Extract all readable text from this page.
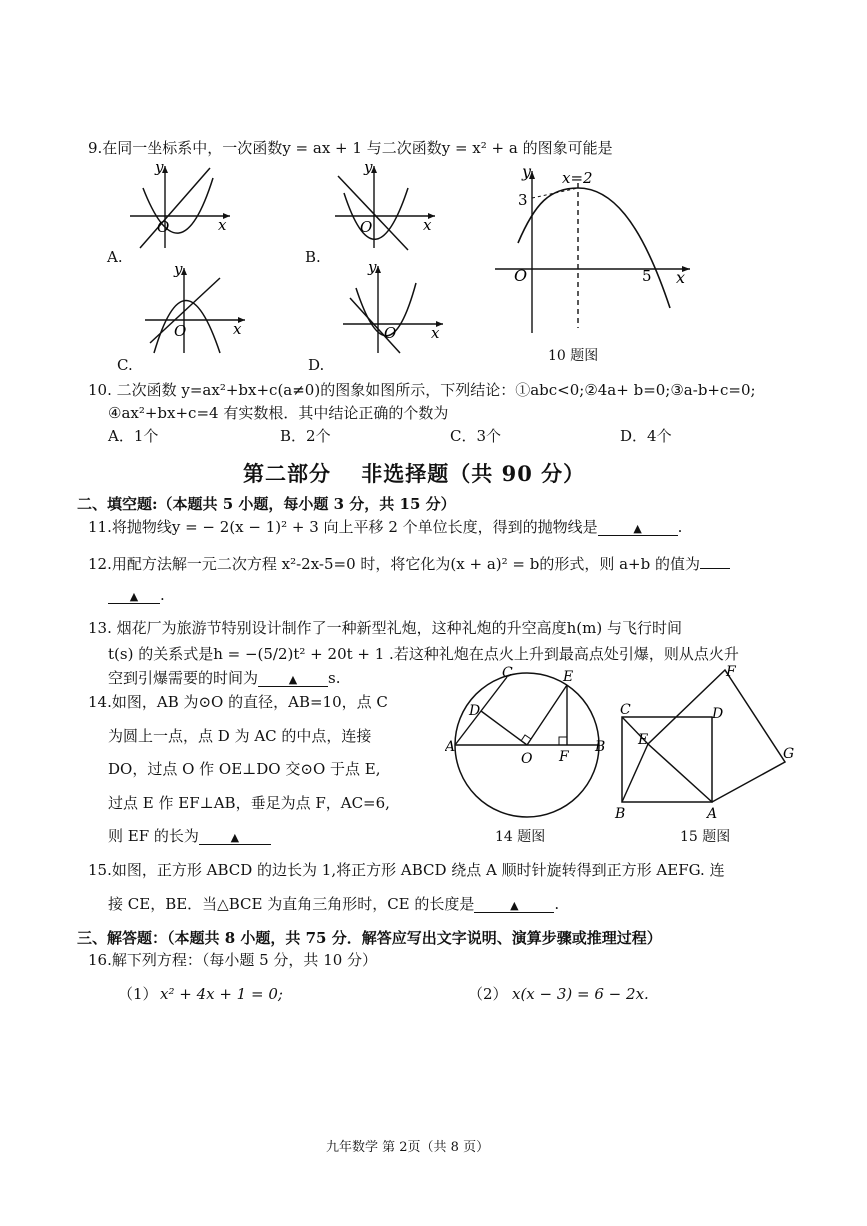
9.在同一坐标系中，一次函数y = ax + 1 与二次函数y = x² + a 的图象可能是
y
x
O
A.
y
x
O
B.
y
x
O
C.
y
x
O
D.
y
x
O
x=2
3
5
10 题图
10. 二次函数 y=ax²+bx+c(a≠0)的图象如图所示，下列结论：①abc<0;②4a+ b=0;③a-b+c=0;
④ax²+bx+c=4 有实数根．其中结论正确的个数为
A．1个	B．2个	C．3个	D．4个
第二部分　 非选择题（共 90 分）
二、填空题:（本题共 5 小题，每小题 3 分，共 15 分）
11.将抛物线y = − 2(x − 1)² + 3 向上平移 2 个单位长度，得到的抛物线是	▲ .
12.用配方法解一元二次方程 x²-2x-5=0 时，将它化为(x + a)² = b的形式，则 a+b 的值为
▲ .
13. 烟花厂为旅游节特别设计制作了一种新型礼炮，这种礼炮的升空高度h(m) 与飞行时间
t(s) 的关系式是h = −(5/2)t² + 20t + 1 .若这种礼炮在点火上升到最高点处引爆，则从点火升
空到引爆需要的时间为	▲ s.
14.如图，AB 为⊙O 的直径，AB=10，点 C
为圆上一点，点 D 为 AC 的中点，连接
DO，过点 O 作 OE⊥DO 交⊙O 于点 E,
过点 E 作 EF⊥AB，垂足为点 F，AC=6,
则 EF 的长为	▲
A	B
C
D
E
F
O
14 题图
C
B	A
D
E
F
G
15 题图
15.如图，正方形 ABCD 的边长为 1,将正方形 ABCD 绕点 A 顺时针旋转得到正方形 AEFG. 连
接 CE，BE．当△BCE 为直角三角形时，CE 的长度是	▲ .
三、解答题：（本题共 8 小题，共 75 分．解答应写出文字说明、演算步骤或推理过程）
16.解下列方程：（每小题 5 分，共 10 分）
（1） x² + 4x + 1 = 0;	（2） x(x − 3) = 6 − 2x.
九年数学 第 2页（共 8 页）
